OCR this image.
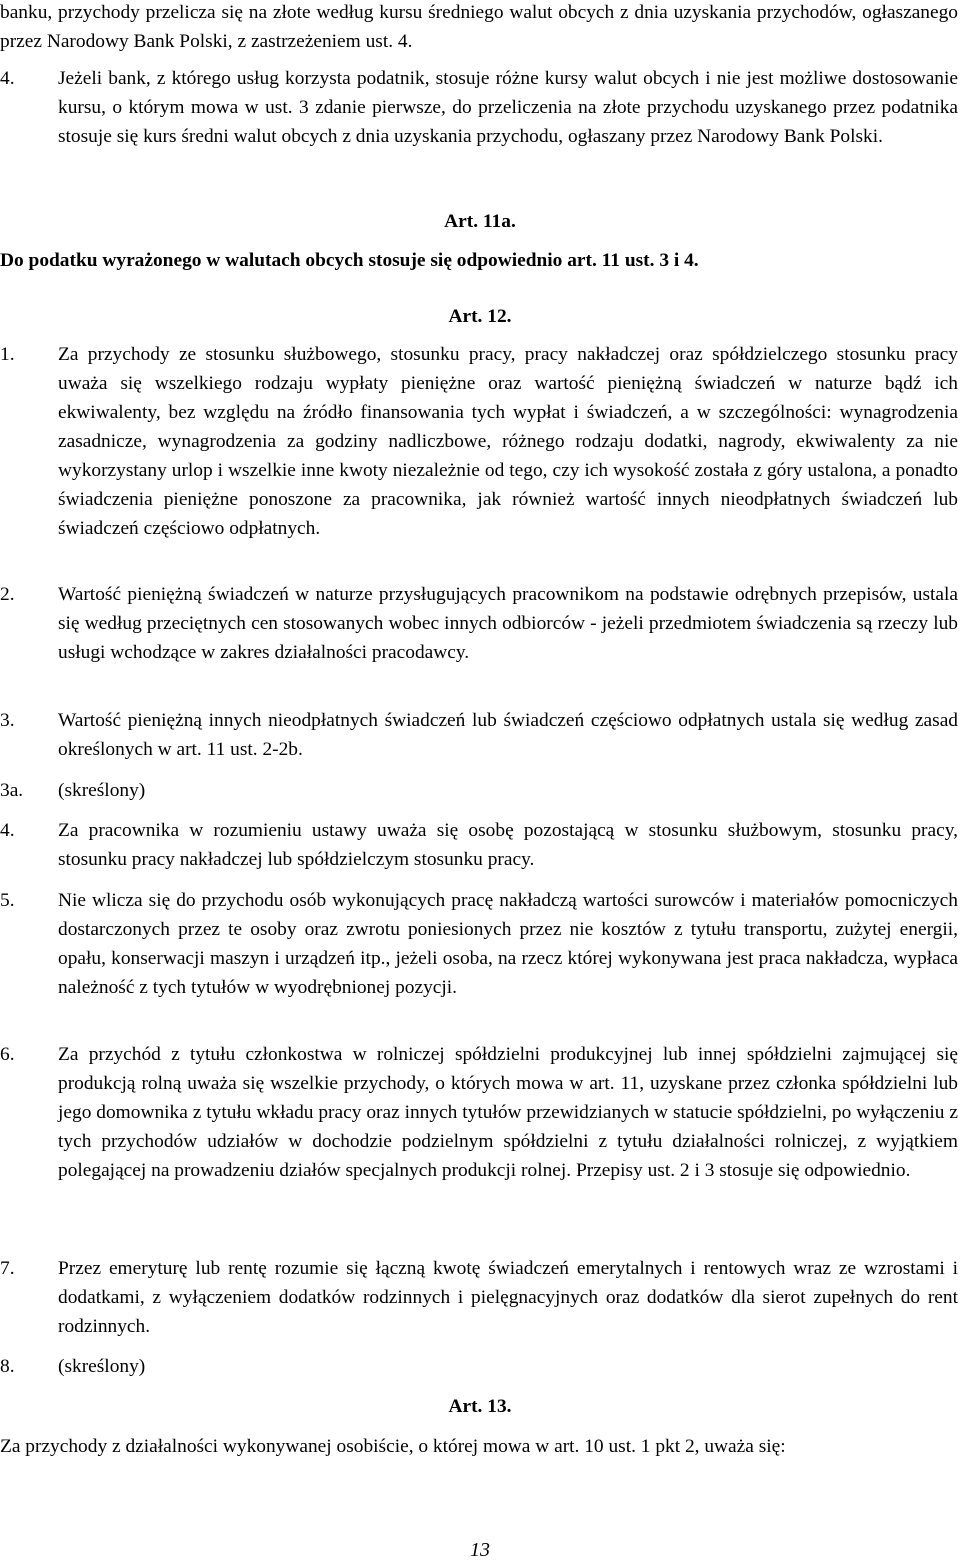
banku, przychody przelicza się na złote według kursu średniego walut obcych z dnia uzyskania przychodów, ogłaszanego przez Narodowy Bank Polski, z zastrzeżeniem ust. 4.

4. Jeżeli bank, z którego usług korzysta podatnik, stosuje różne kursy walut obcych i nie jest możliwe dostosowanie kursu, o którym mowa w ust. 3 zdanie pierwsze, do przeliczenia na złote przychodu uzyskanego przez podatnika stosuje się kurs średni walut obcych z dnia uzyskania przychodu, ogłaszany przez Narodowy Bank Polski.

Art. 11a.

Do podatku wyrażonego w walutach obcych stosuje się odpowiednio art. 11 ust. 3 i 4.

Art. 12.

1. Za przychody ze stosunku służbowego, stosunku pracy, pracy nakładczej oraz spółdzielczego stosunku pracy uważa się wszelkiego rodzaju wypłaty pieniężne oraz wartość pieniężną świadczeń w naturze bądź ich ekwiwalenty, bez względu na źródło finansowania tych wypłat i świadczeń, a w szczególności: wynagrodzenia zasadnicze, wynagrodzenia za godziny nadliczbowe, różnego rodzaju dodatki, nagrody, ekwiwalenty za nie wykorzystany urlop i wszelkie inne kwoty niezależnie od tego, czy ich wysokość została z góry ustalona, a ponadto świadczenia pieniężne ponoszone za pracownika, jak również wartość innych nieodpłatnych świadczeń lub świadczeń częściowo odpłatnych.
2. Wartość pieniężną świadczeń w naturze przysługujących pracownikom na podstawie odrębnych przepisów, ustala się według przeciętnych cen stosowanych wobec innych odbiorców - jeżeli przedmiotem świadczenia są rzeczy lub usługi wchodzące w zakres działalności pracodawcy.
3. Wartość pieniężną innych nieodpłatnych świadczeń lub świadczeń częściowo odpłatnych ustala się według zasad określonych w art. 11 ust. 2-2b.
3a. (skreślony)
4. Za pracownika w rozumieniu ustawy uważa się osobę pozostającą w stosunku służbowym, stosunku pracy, stosunku pracy nakładczej lub spółdzielczym stosunku pracy.
5. Nie wlicza się do przychodu osób wykonujących pracę nakładczą wartości surowców i materiałów pomocniczych dostarczonych przez te osoby oraz zwrotu poniesionych przez nie kosztów z tytułu transportu, zużytej energii, opału, konserwacji maszyn i urządzeń itp., jeżeli osoba, na rzecz której wykonywana jest praca nakładcza, wypłaca należność z tych tytułów w wyodrębnionej pozycji.
6. Za przychód z tytułu członkostwa w rolniczej spółdzielni produkcyjnej lub innej spółdzielni zajmującej się produkcją rolną uważa się wszelkie przychody, o których mowa w art. 11, uzyskane przez członka spółdzielni lub jego domownika z tytułu wkładu pracy oraz innych tytułów przewidzianych w statucie spółdzielni, po wyłączeniu z tych przychodów udziałów w dochodzie podzielnym spółdzielni z tytułu działalności rolniczej, z wyjątkiem polegającej na prowadzeniu działów specjalnych produkcji rolnej. Przepisy ust. 2 i 3 stosuje się odpowiednio.
7. Przez emeryturę lub rentę rozumie się łączną kwotę świadczeń emerytalnych i rentowych wraz ze wzrostami i dodatkami, z wyłączeniem dodatków rodzinnych i pielęgnacyjnych oraz dodatków dla sierot zupełnych do rent rodzinnych.
8. (skreślony)

Art. 13.

Za przychody z działalności wykonywanej osobiście, o której mowa w art. 10 ust. 1 pkt 2, uważa się:

13
